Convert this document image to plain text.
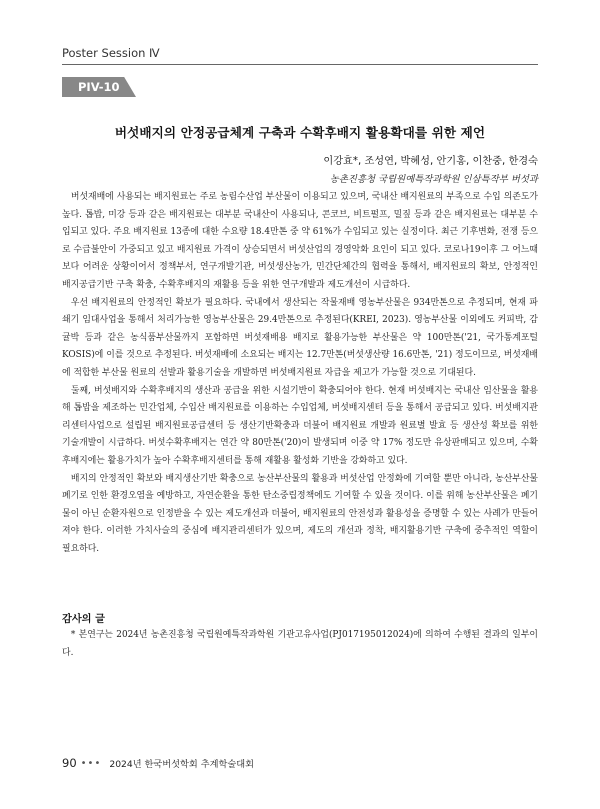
Poster Session Ⅳ
PIV-10
버섯배지의 안정공급체계 구축과 수확후배지 활용확대를 위한 제언
이강효*, 조성연, 박혜성, 안기홍, 이찬중, 한경숙
농촌진흥청 국립원예특작과학원 인삼특작부 버섯과

버섯재배에 사용되는 배지원료는 주로 농림수산업 부산물이 이용되고 있으며, 국내산 배지원료의 부족으로 수입 의존도가 높다. 톱밥, 미강 등과 같은 배지원료는 대부분 국내산이 사용되나, 콘코브, 비트펄프, 밀짚 등과 같은 배지원료는 대부분 수입되고 있다. 주요 배지원료 13종에 대한 수요량 18.4만톤 중 약 61%가 수입되고 있는 실정이다. 최근 기후변화, 전쟁 등으로 수급불안이 가중되고 있고 배지원료 가격이 상승되면서 버섯산업의 경영악화 요인이 되고 있다. 코로나19이후 그 어느때보다 어려운 상황이어서 정책부서, 연구개발기관, 버섯생산농가, 민간단체간의 협력을 통해서, 배지원료의 확보, 안정적인 배지공급기반 구축 확충, 수확후배지의 재활용 등을 위한 연구개발과 제도개선이 시급하다.

우선 배지원료의 안정적인 확보가 필요하다. 국내에서 생산되는 작물재배 영농부산물은 934만톤으로 추정되며, 현재 파쇄기 임대사업을 통해서 처리가능한 영농부산물은 29.4만톤으로 추정된다(KREI, 2023). 영농부산물 이외에도 커피박, 감귤박 등과 같은 농식품부산물까지 포함하면 버섯재배용 배지로 활용가능한 부산물은 약 100만톤('21, 국가통계포털 KOSIS)에 이를 것으로 추정된다. 버섯재배에 소요되는 배지는 12.7만톤(버섯생산량 16.6만톤, '21) 정도이므로, 버섯재배에 적합한 부산물 원료의 선발과 활용기술을 개발하면 버섯배지원료 자급을 제고가 가능할 것으로 기대된다.

둘째, 버섯배지와 수확후배지의 생산과 공급을 위한 시설기반이 확충되어야 한다. 현재 버섯배지는 국내산 임산물을 활용해 톱밥을 제조하는 민간업체, 수입산 배지원료를 이용하는 수입업체, 버섯배지센터 등을 통해서 공급되고 있다. 버섯배지관리센터사업으로 설립된 배지원료공급센터 등 생산기반확충과 더불어 배지원료 개발과 원료별 발효 등 생산성 확보를 위한 기술개발이 시급하다. 버섯수확후배지는 연간 약 80만톤('20)이 발생되며 이중 약 17% 정도만 유상판매되고 있으며, 수확후배지에는 활용가치가 높아 수확후배지센터를 통해 재활용 활성화 기반을 강화하고 있다.

배지의 안정적인 확보와 배지생산기반 확충으로 농산부산물의 활용과 버섯산업 안정화에 기여할 뿐만 아니라, 농산부산물 폐기로 인한 환경오염을 예방하고, 자연순환을 통한 탄소중립정책에도 기여할 수 있을 것이다. 이를 위해 농산부산물은 폐기물이 아닌 순환자원으로 인정받을 수 있는 제도개선과 더불어, 배지원료의 안전성과 활용성을 증명할 수 있는 사례가 만들어져야 한다. 이러한 가치사슬의 중심에 배지관리센터가 있으며, 제도의 개선과 정착, 배지활용기반 구축에 중추적인 역할이 필요하다.

감사의 글

* 본연구는 2024년 농촌진흥청 국립원예특작과학원 기관고유사업(PJ017195012024)에 의하여 수행된 결과의 일부이다.

90 ••• 2024년 한국버섯학회 추계학술대회
